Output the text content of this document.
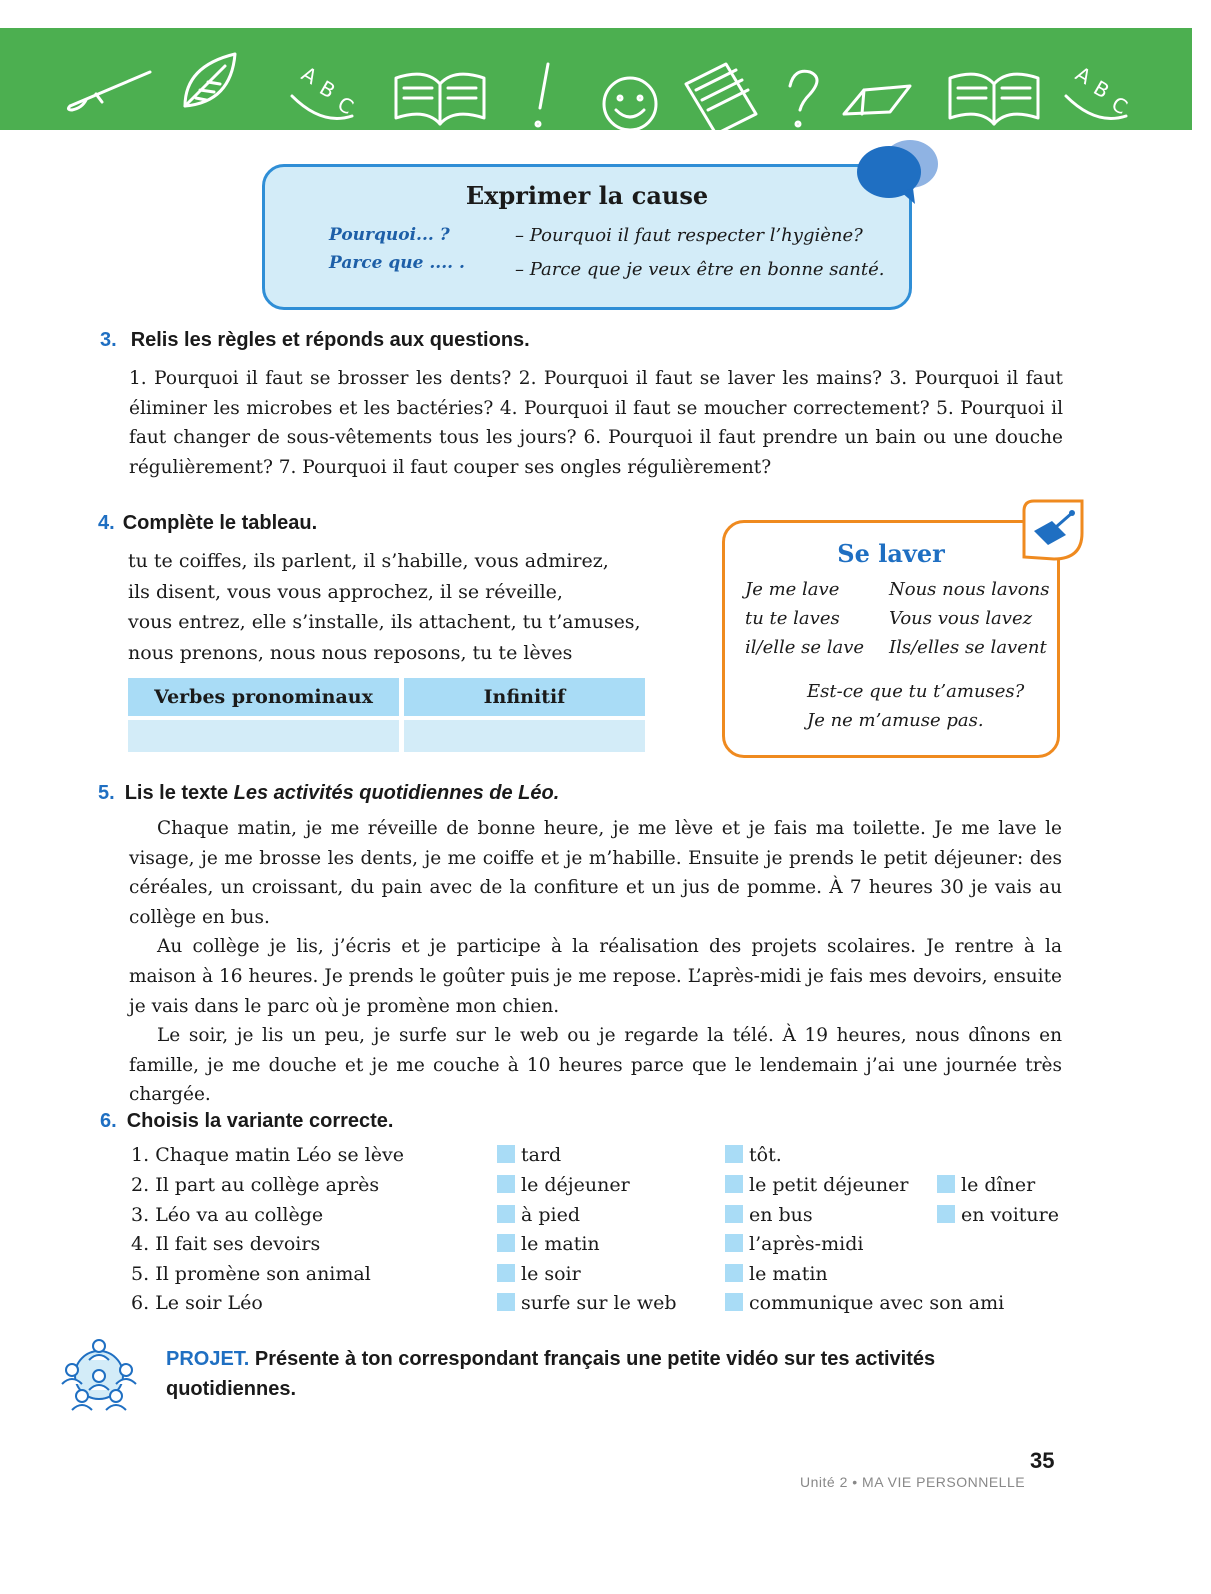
A
B
C
A
B
C
Exprimer la cause
Pourquoi... ?
Parce que .... .
– Pourquoi il faut respecter l’hygiène?
– Parce que je veux être en bonne santé.
3. Relis les règles et réponds aux questions.

1. Pourquoi il faut se brosser les dents? 2. Pourquoi il faut se laver les mains? 3. Pourquoi il faut éliminer les microbes et les bactéries? 4. Pourquoi il faut se moucher correctement? 5. Pourquoi il faut changer de sous-vêtements tous les jours? 6. Pourquoi il faut prendre un bain ou une douche régulièrement? 7. Pourquoi il faut couper ses ongles régulièrement?

4. Complète le tableau.
tu te coiffes, ils parlent, il s’habille, vous admirez,
ils disent, vous vous approchez, il se réveille,
vous entrez, elle s’installe, ils attachent, tu t’amuses,
nous prenons, nous nous reposons, tu te lèves
Verbes pronominaux	Infinitif
Se laver
Je me lave
tu te laves
il/elle se lave
Nous nous lavons
Vous vous lavez
Ils/elles se lavent
Est-ce que tu t’amuses?
Je ne m’amuse pas.
5. Lis le texte Les activités quotidiennes de Léo.

Chaque matin, je me réveille de bonne heure, je me lève et je fais ma toilette. Je me lave le visage, je me brosse les dents, je me coiffe et je m’habille. Ensuite je prends le petit déjeuner: des céréales, un croissant, du pain avec de la confiture et un jus de pomme. À 7 heures 30 je vais au collège en bus.

Au collège je lis, j’écris et je participe à la réalisation des projets scolaires. Je rentre à la maison à 16 heures. Je prends le goûter puis je me repose. L’après-midi je fais mes devoirs, ensuite je vais dans le parc où je promène mon chien.

Le soir, je lis un peu, je surfe sur le web ou je regarde la télé. À 19 heures, nous dînons en famille, je me douche et je me couche à 10 heures parce que le lendemain j’ai une journée très chargée.

6. Choisis la variante correcte.
1. Chaque matin Léo se lève
2. Il part au collège après
3. Léo va au collège
4. Il fait ses devoirs
5. Il promène son animal
6. Le soir Léo
tard
le déjeuner
à pied
le matin
le soir
surfe sur le web
tôt.
le petit déjeuner
en bus
l’après-midi
le matin
communique avec son ami
le dîner
en voiture
PROJET. Présente à ton correspondant français une petite vidéo sur tes activités quotidiennes.
35
Unité 2 • MA VIE PERSONNELLE
